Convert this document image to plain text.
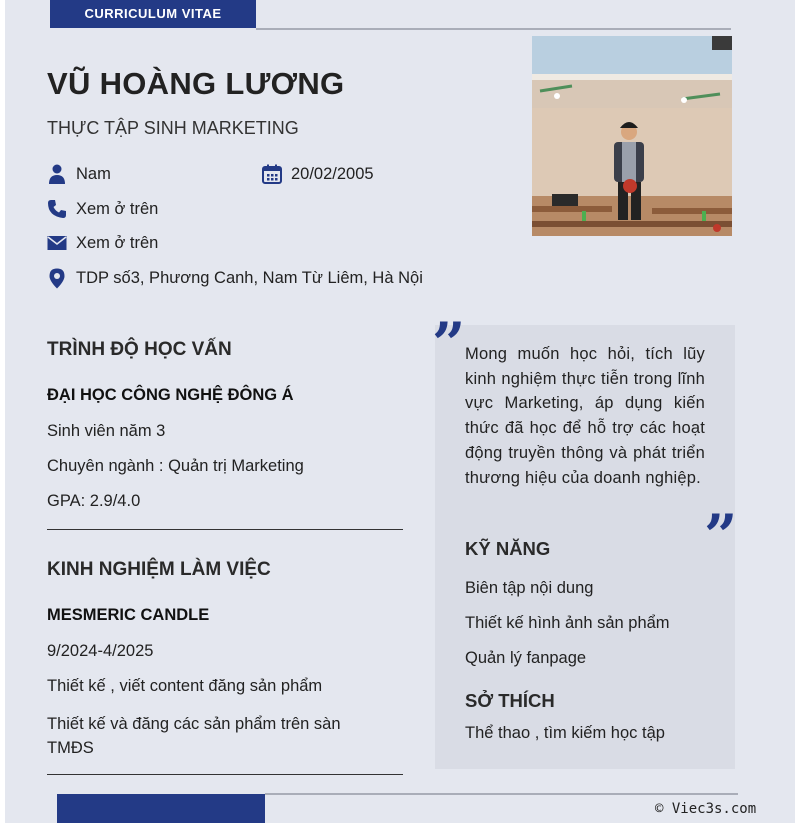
CURRICULUM VITAE
VŨ HOÀNG LƯƠNG
THỰC TẬP SINH MARKETING
Nam	20/02/2005
Xem ở trên
Xem ở trên
TDP số3, Phương Canh, Nam Từ Liêm, Hà Nội
TRÌNH ĐỘ HỌC VẤN
ĐẠI HỌC CÔNG NGHỆ ĐÔNG Á
Sinh viên năm 3
Chuyên ngành : Quản trị Marketing
GPA: 2.9/4.0
KINH NGHIỆM LÀM VIỆC
MESMERIC CANDLE
9/2024-4/2025
Thiết kế , viết content đăng sản phẩm
Thiết kế và đăng các sản phẩm trên sàn TMĐS
” Mong muốn học hỏi, tích lũy kinh nghiệm thực tiễn trong lĩnh vực Marketing, áp dụng kiến thức đã học để hỗ trợ các hoạt động truyền thông và phát triển thương hiệu của doanh nghiệp.
”
KỸ NĂNG
Biên tập nội dung
Thiết kế hình ảnh sản phẩm
Quản lý fanpage
SỞ THÍCH
Thể thao , tìm kiếm học tập
© Viec3s.com
